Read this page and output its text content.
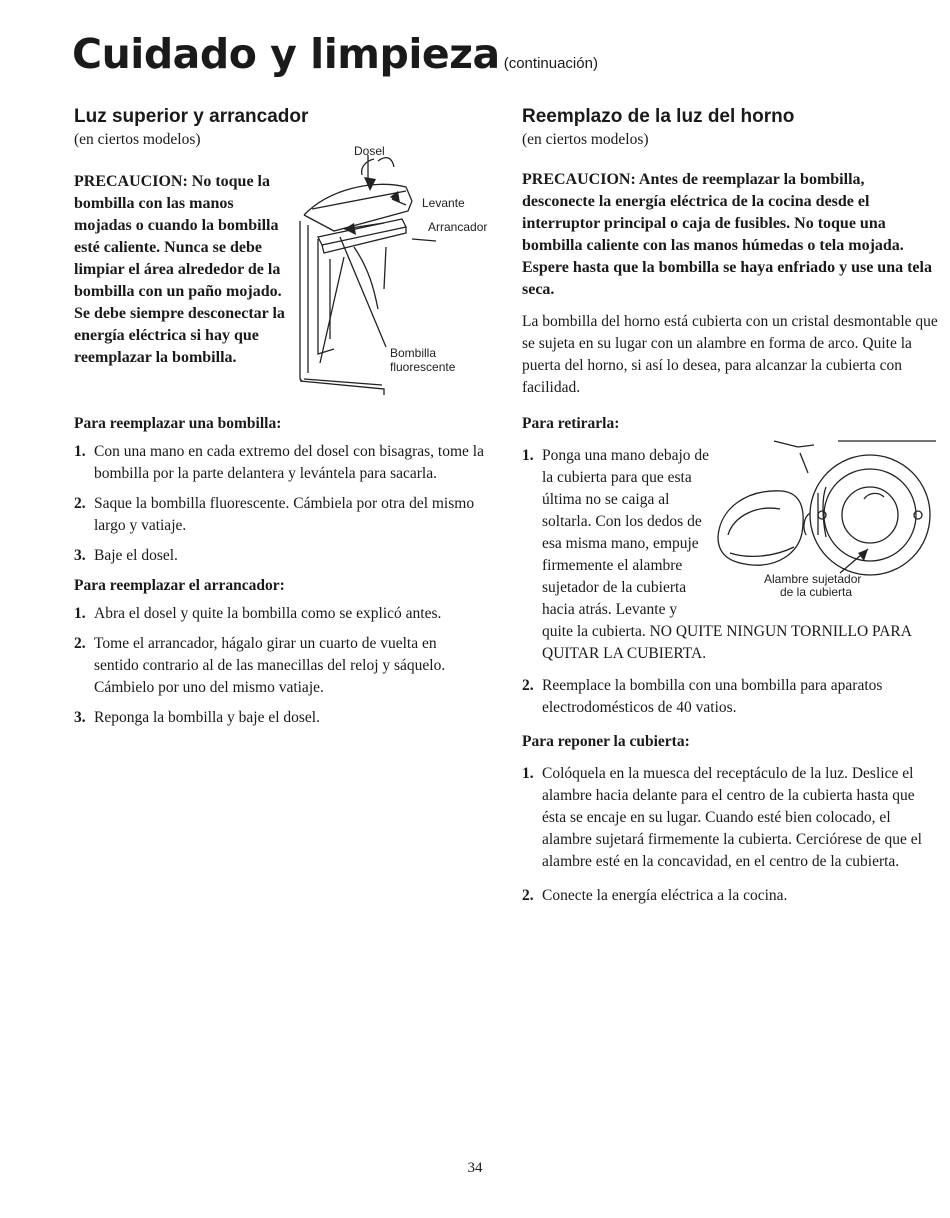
Cuidado y limpieza (continuación)
Luz superior y arrancador

(en ciertos modelos)

PRECAUCION: No toque la bombilla con las manos mojadas o cuando la bombilla esté caliente. Nunca se debe limpiar el área alrededor de la bombilla con un paño mojado. Se debe siempre desconectar la energía eléctrica si hay que reemplazar la bombilla.

Dosel
Levante
Arrancador
Bombilla
fluorescente

Para reemplazar una bombilla:

1. Con una mano en cada extremo del dosel con bisagras, tome la bombilla por la parte delantera y levántela para sacarla.
2. Saque la bombilla fluorescente. Cámbiela por otra del mismo largo y vatiaje.
3. Baje el dosel.

Para reemplazar el arrancador:

1. Abra el dosel y quite la bombilla como se explicó antes.
2. Tome el arrancador, hágalo girar un cuarto de vuelta en sentido contrario al de las manecillas del reloj y sáquelo. Cámbielo por uno del mismo vatiaje.
3. Reponga la bombilla y baje el dosel.
Reemplazo de la luz del horno

(en ciertos modelos)

PRECAUCION: Antes de reemplazar la bombilla, desconecte la energía eléctrica de la cocina desde el interruptor principal o caja de fusibles. No toque una bombilla caliente con las manos húmedas o tela mojada. Espere hasta que la bombilla se haya enfriado y use una tela seca.

La bombilla del horno está cubierta con un cristal desmontable que se sujeta en su lugar con un alambre en forma de arco. Quite la puerta del horno, si así lo desea, para alcanzar la cubierta con facilidad.

Para retirarla:

1. Ponga una mano debajo de la cubierta para que esta última no se caiga al soltarla. Con los dedos de esa misma mano, empuje firmemente el alambre sujetador de la cubierta hacia atrás. Levante y
quite la cubierta. NO QUITE NINGUN TORNILLO PARA QUITAR LA CUBIERTA.
Alambre sujetador
de la cubierta
2. Reemplace la bombilla con una bombilla para aparatos electrodomésticos de 40 vatios.

Para reponer la cubierta:

1. Colóquela en la muesca del receptáculo de la luz. Deslice el alambre hacia delante para el centro de la cubierta hasta que ésta se encaje en su lugar. Cuando esté bien colocado, el alambre sujetará firmemente la cubierta. Cerciórese de que el alambre esté en la concavidad, en el centro de la cubierta.
2. Conecte la energía eléctrica a la cocina.
34
